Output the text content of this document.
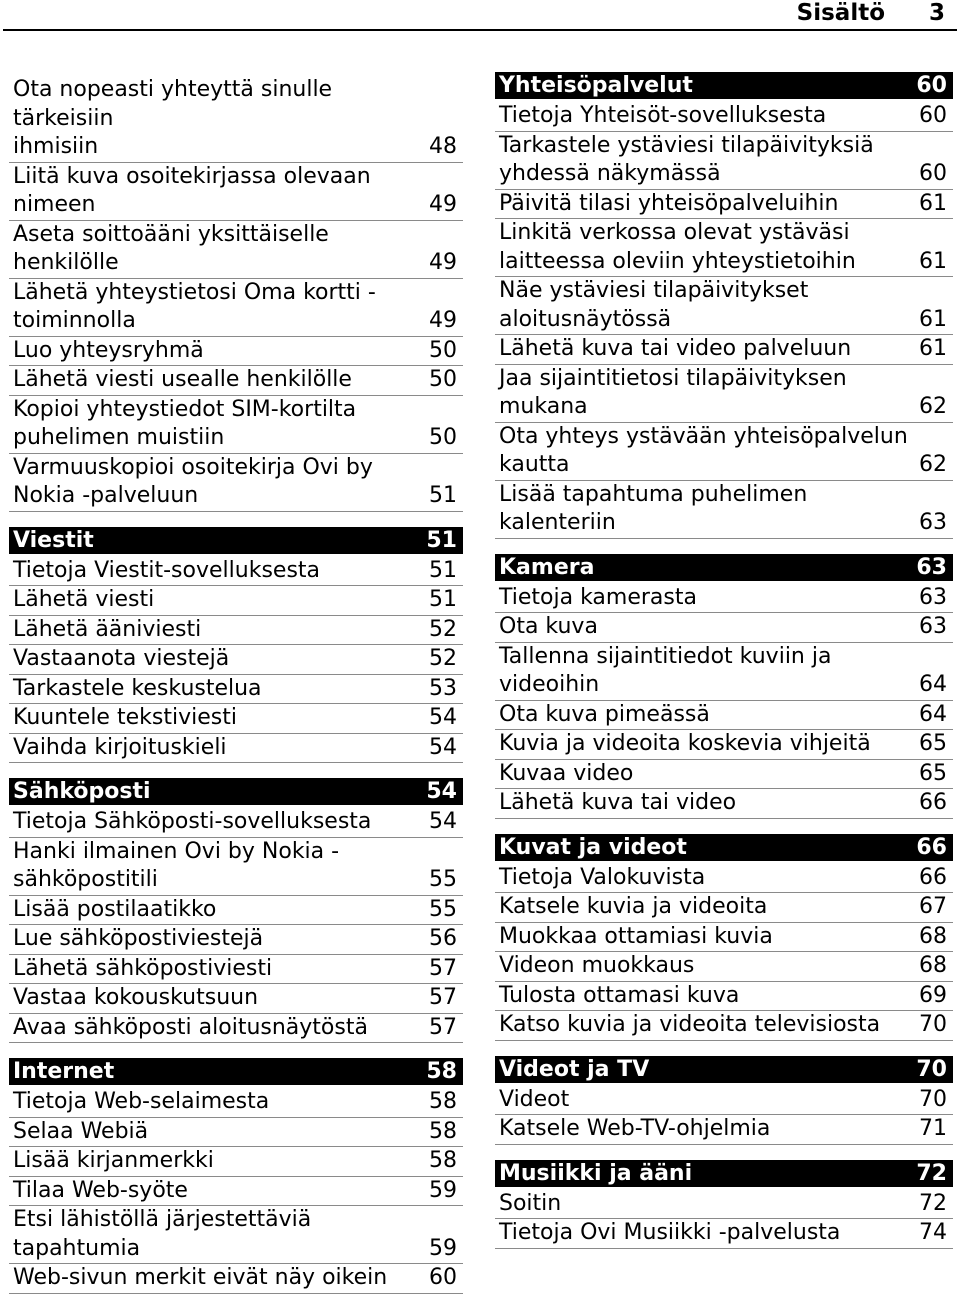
Sisältö 3
Ota nopeasti yhteyttä sinulle tärkeisiin
ihmisiin	48
Liitä kuva osoitekirjassa olevaan
nimeen	49
Aseta soittoääni yksittäiselle
henkilölle	49
Lähetä yhteystietosi Oma kortti -
toiminnolla	49
Luo yhteysryhmä	50
Lähetä viesti usealle henkilölle	50
Kopioi yhteystiedot SIM-kortilta
puhelimen muistiin	50
Varmuuskopioi osoitekirja Ovi by
Nokia -palveluun	51
Viestit	51
Tietoja Viestit-sovelluksesta	51
Lähetä viesti	51
Lähetä ääniviesti	52
Vastaanota viestejä	52
Tarkastele keskustelua	53
Kuuntele tekstiviesti	54
Vaihda kirjoituskieli	54
Sähköposti	54
Tietoja Sähköposti-sovelluksesta	54
Hanki ilmainen Ovi by Nokia -
sähköpostitili	55
Lisää postilaatikko	55
Lue sähköpostiviestejä	56
Lähetä sähköpostiviesti	57
Vastaa kokouskutsuun	57
Avaa sähköposti aloitusnäytöstä	57
Internet	58
Tietoja Web-selaimesta	58
Selaa Webiä	58
Lisää kirjanmerkki	58
Tilaa Web-syöte	59
Etsi lähistöllä järjestettäviä
tapahtumia	59
Web-sivun merkit eivät näy oikein	60
Yhteisöpalvelut	60
Tietoja Yhteisöt-sovelluksesta	60
Tarkastele ystäviesi tilapäivityksiä
yhdessä näkymässä	60
Päivitä tilasi yhteisöpalveluihin	61
Linkitä verkossa olevat ystäväsi
laitteessa oleviin yhteystietoihin	61
Näe ystäviesi tilapäivitykset
aloitusnäytössä	61
Lähetä kuva tai video palveluun	61
Jaa sijaintitietosi tilapäivityksen
mukana	62
Ota yhteys ystävään yhteisöpalvelun
kautta	62
Lisää tapahtuma puhelimen
kalenteriin	63
Kamera	63
Tietoja kamerasta	63
Ota kuva	63
Tallenna sijaintitiedot kuviin ja
videoihin	64
Ota kuva pimeässä	64
Kuvia ja videoita koskevia vihjeitä	65
Kuvaa video	65
Lähetä kuva tai video	66
Kuvat ja videot	66
Tietoja Valokuvista	66
Katsele kuvia ja videoita	67
Muokkaa ottamiasi kuvia	68
Videon muokkaus	68
Tulosta ottamasi kuva	69
Katso kuvia ja videoita televisiosta	70
Videot ja TV	70
Videot	70
Katsele Web-TV-ohjelmia	71
Musiikki ja ääni	72
Soitin	72
Tietoja Ovi Musiikki -palvelusta	74
